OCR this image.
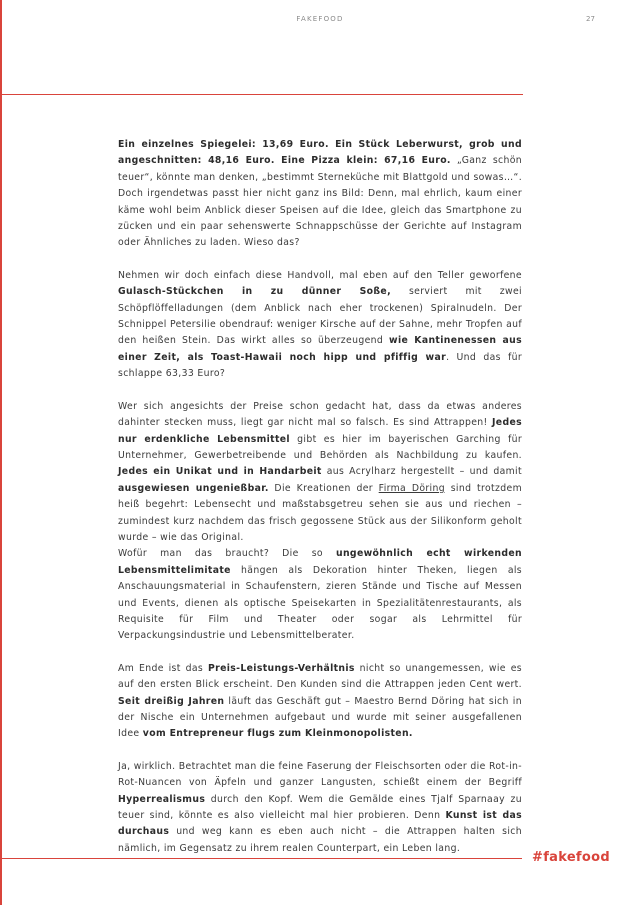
FAKEFOOD	27

Ein einzelnes Spiegelei: 13,69 Euro. Ein Stück Leberwurst, grob und angeschnitten: 48,16 Euro. Eine Pizza klein: 67,16 Euro. „Ganz schön teuer“, könnte man denken, „bestimmt Sterneküche mit Blattgold und sowas…“. Doch irgendetwas passt hier nicht ganz ins Bild: Denn, mal ehrlich, kaum einer käme wohl beim Anblick dieser Speisen auf die Idee, gleich das Smartphone zu zücken und ein paar sehenswerte Schnappschüsse der Gerichte auf Instagram oder Ähnliches zu laden. Wieso das?

Nehmen wir doch einfach diese Handvoll, mal eben auf den Teller geworfene Gulasch-Stückchen in zu dünner Soße, serviert mit zwei Schöpflöffelladungen (dem Anblick nach eher trockenen) Spiralnudeln. Der Schnippel Petersilie obendrauf: weniger Kirsche auf der Sahne, mehr Tropfen auf den heißen Stein. Das wirkt alles so überzeugend wie Kantinenessen aus einer Zeit, als Toast-Hawaii noch hipp und pfiffig war. Und das für schlappe 63,33 Euro?

Wer sich angesichts der Preise schon gedacht hat, dass da etwas anderes dahinter stecken muss, liegt gar nicht mal so falsch. Es sind Attrappen! Jedes nur erdenkliche Lebensmittel gibt es hier im bayerischen Garching für Unternehmer, Gewerbetreibende und Behörden als Nachbildung zu kaufen. Jedes ein Unikat und in Handarbeit aus Acrylharz hergestellt – und damit ausgewiesen ungenießbar. Die Kreationen der Firma Döring sind trotzdem heiß begehrt: Lebensecht und maßstabsgetreu sehen sie aus und riechen – zumindest kurz nachdem das frisch gegossene Stück aus der Silikonform geholt wurde – wie das Original.

Wofür man das braucht? Die so ungewöhnlich echt wirkenden Lebensmittelimitate hängen als Dekoration hinter Theken, liegen als Anschauungsmaterial in Schaufenstern, zieren Stände und Tische auf Messen und Events, dienen als optische Speisekarten in Spezialitätenrestaurants, als Requisite für Film und Theater oder sogar als Lehrmittel für Verpackungsindustrie und Lebensmittelberater.

Am Ende ist das Preis-Leistungs-Verhältnis nicht so unangemessen, wie es auf den ersten Blick erscheint. Den Kunden sind die Attrappen jeden Cent wert. Seit dreißig Jahren läuft das Geschäft gut – Maestro Bernd Döring hat sich in der Nische ein Unternehmen aufgebaut und wurde mit seiner ausgefallenen Idee vom Entrepreneur flugs zum Kleinmonopolisten.

Ja, wirklich. Betrachtet man die feine Faserung der Fleischsorten oder die Rot-in-Rot-Nuancen von Äpfeln und ganzer Langusten, schießt einem der Begriff Hyperrealismus durch den Kopf. Wem die Gemälde eines Tjalf Sparnaay zu teuer sind, könnte es also vielleicht mal hier probieren. Denn Kunst ist das durchaus und weg kann es eben auch nicht – die Attrappen halten sich nämlich, im Gegensatz zu ihrem realen Counterpart, ein Leben lang.

#fakefood
